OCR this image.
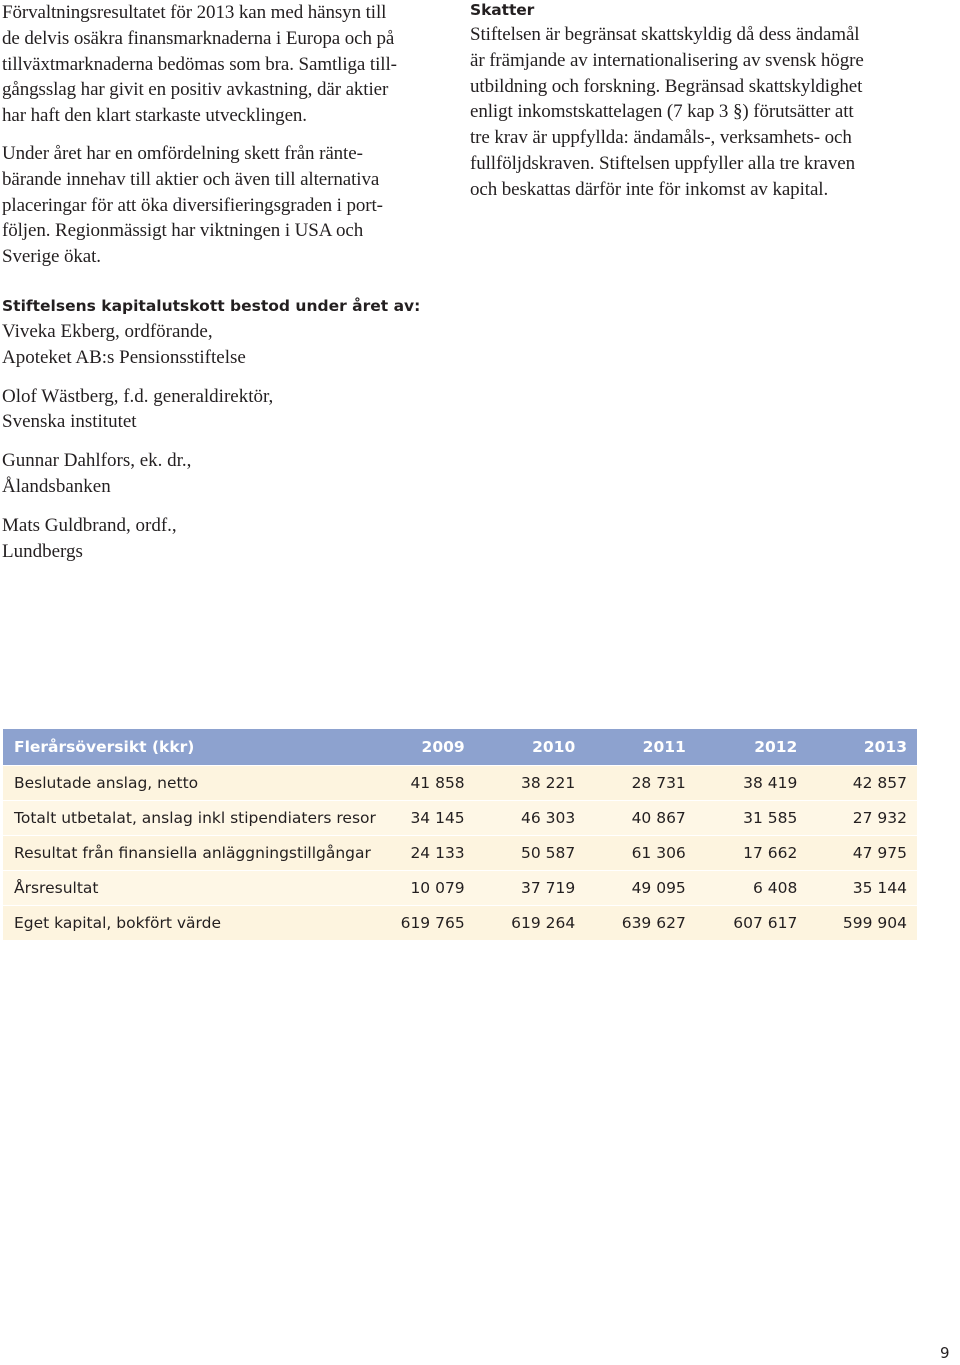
Förvaltningsresultatet för 2013 kan med hänsyn till
de delvis osäkra finansmarknaderna i Europa och på
tillväxtmarknaderna bedömas som bra. Samtliga till-
gångsslag har givit en positiv avkastning, där aktier
har haft den klart starkaste utvecklingen.
Under året har en omfördelning skett från ränte-
bärande innehav till aktier och även till alternativa
placeringar för att öka diversifieringsgraden i port-
följen. Regionmässigt har viktningen i USA och
Sverige ökat.
Skatter
Stiftelsen är begränsat skattskyldig då dess ändamål
är främjande av internationalisering av svensk högre
utbildning och forskning. Begränsad skattskyldighet
enligt inkomstskattelagen (7 kap 3 §) förutsätter att
tre krav är uppfyllda: ändamåls-, verksamhets- och
fullföljdskraven. Stiftelsen uppfyller alla tre kraven
och beskattas därför inte för inkomst av kapital.
Stiftelsens kapitalutskott bestod under året av:
Viveka Ekberg, ordförande,
Apoteket AB:s Pensionsstiftelse
Olof Wästberg, f.d. generaldirektör,
Svenska institutet
Gunnar Dahlfors, ek. dr.,
Ålandsbanken
Mats Guldbrand, ordf.,
Lundbergs
Flerårsöversikt (kkr)	2009	2010	2011	2012	2013
Beslutade anslag, netto	41 858	38 221	28 731	38 419	42 857
Totalt utbetalat, anslag inkl stipendiaters resor	34 145	46 303	40 867	31 585	27 932
Resultat från finansiella anläggningstillgångar	24 133	50 587	61 306	17 662	47 975
Årsresultat	10 079	37 719	49 095	6 408	35 144
Eget kapital, bokfört värde	619 765	619 264	639 627	607 617	599 904
9
